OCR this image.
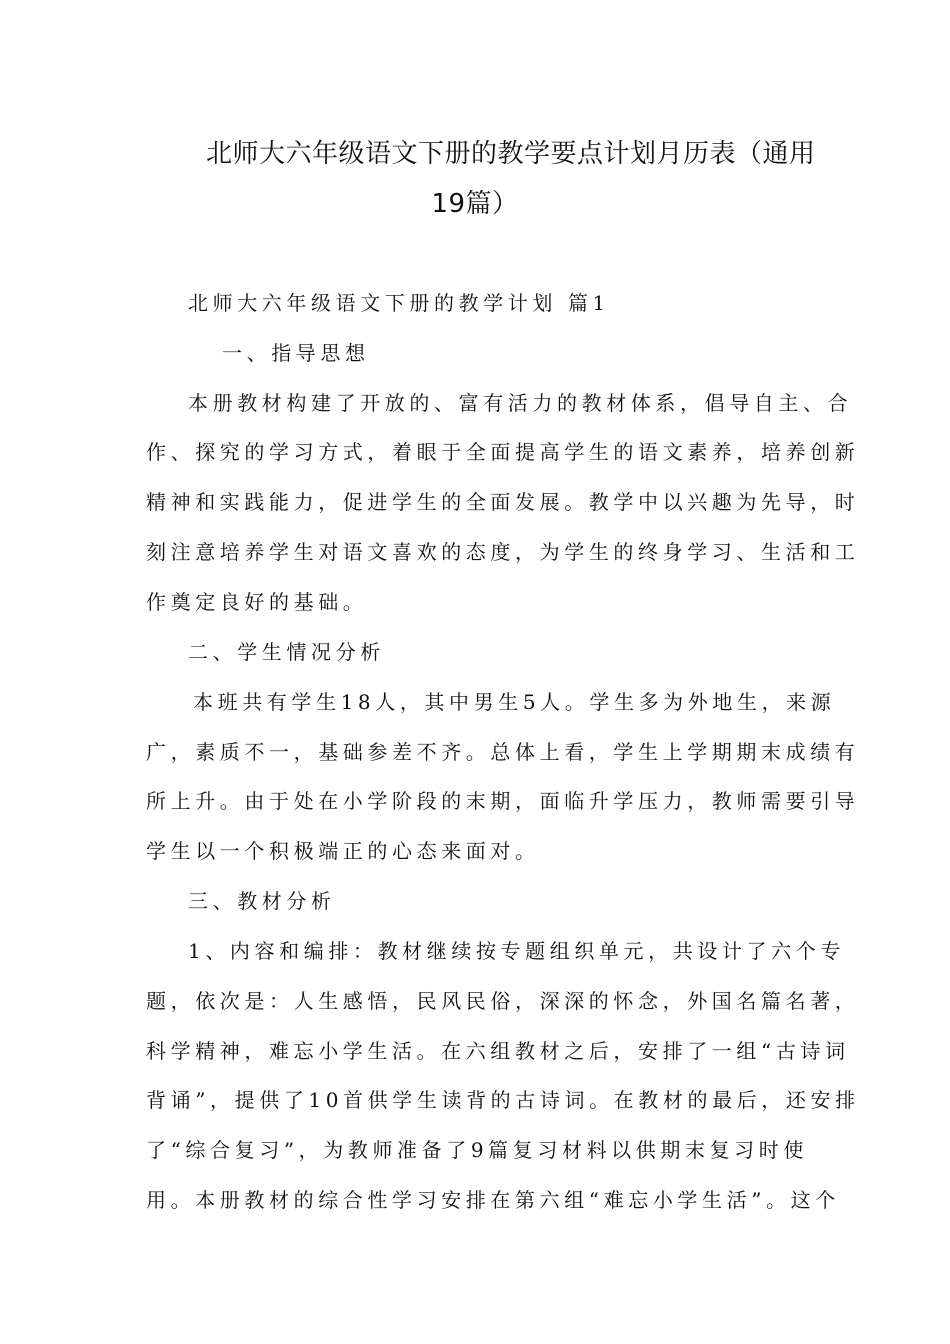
北师大六年级语文下册的教学要点计划月历表（通用
19篇）
北师大六年级语文下册的教学计划 篇1
一、指导思想
本册教材构建了开放的、富有活力的教材体系，倡导自主、合
作、探究的学习方式，着眼于全面提高学生的语文素养，培养创新
精神和实践能力，促进学生的全面发展。教学中以兴趣为先导，时
刻注意培养学生对语文喜欢的态度，为学生的终身学习、生活和工
作奠定良好的基础。
二、学生情况分析
本班共有学生18人，其中男生5人。学生多为外地生，来源
广，素质不一，基础参差不齐。总体上看，学生上学期期末成绩有
所上升。由于处在小学阶段的末期，面临升学压力，教师需要引导
学生以一个积极端正的心态来面对。
三、教材分析
1、内容和编排：教材继续按专题组织单元，共设计了六个专
题，依次是：人生感悟，民风民俗，深深的怀念，外国名篇名著，
科学精神，难忘小学生活。在六组教材之后，安排了一组“古诗词
背诵”，提供了10首供学生读背的古诗词。在教材的最后，还安排
了“综合复习”，为教师准备了9篇复习材料以供期末复习时使
用。本册教材的综合性学习安排在第六组“难忘小学生活”。这个
